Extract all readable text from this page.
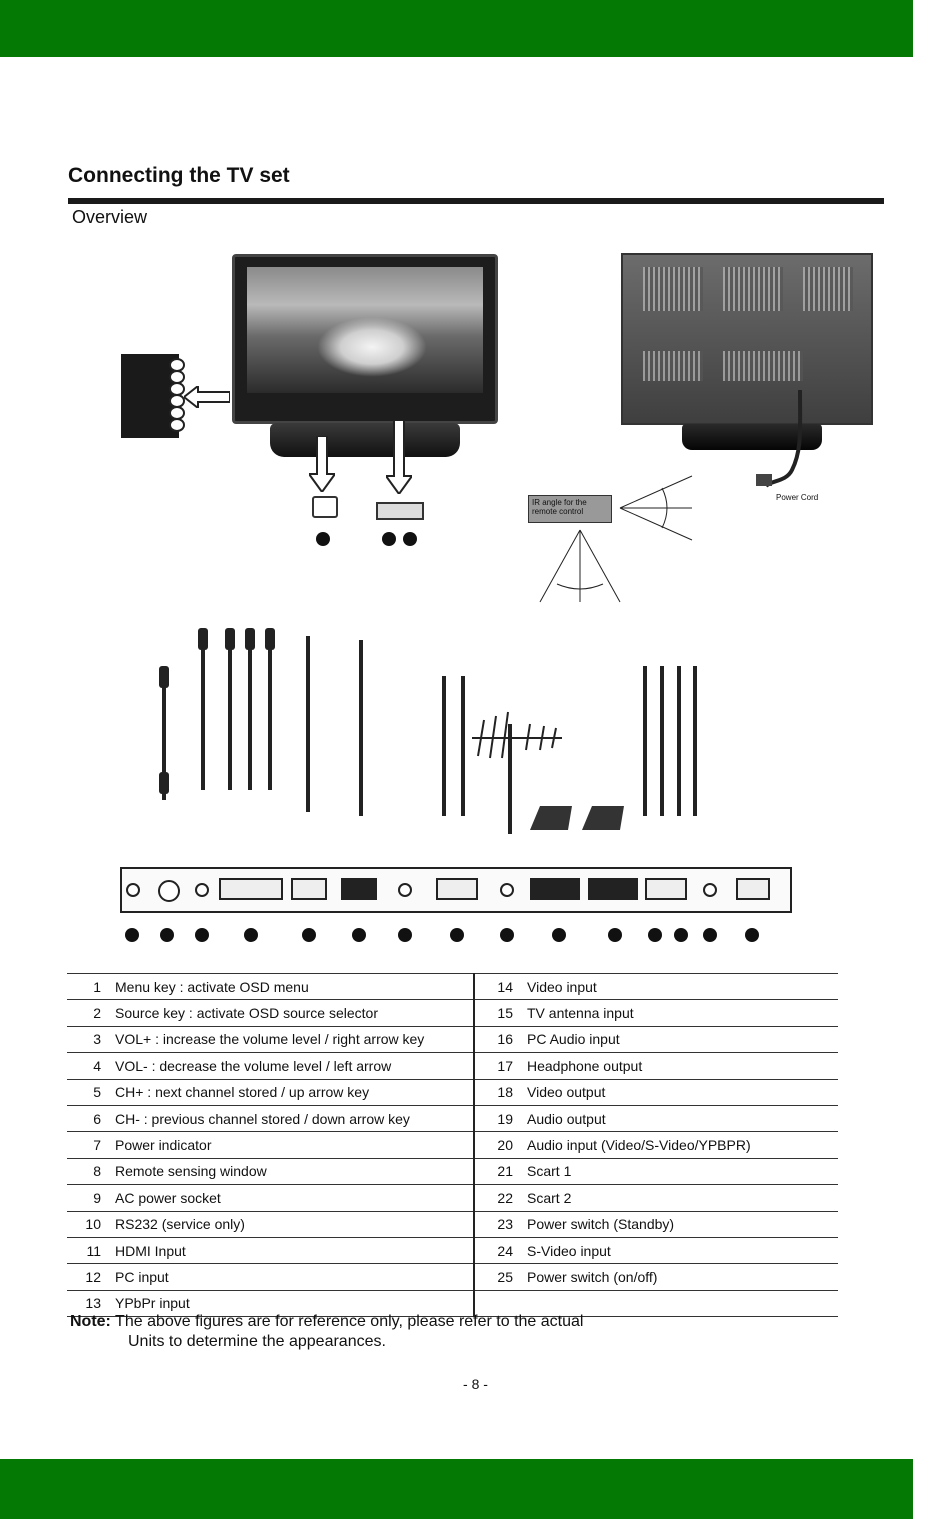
Connecting the TV set
Overview
Power Cord
IR angle for the remote control
1	Menu key : activate OSD menu	14	Video input
2	Source key : activate OSD source selector	15	TV antenna input
3	VOL+ : increase the volume level / right arrow key	16	PC Audio input
4	VOL- : decrease the volume level / left arrow	17	Headphone output
5	CH+ : next channel stored / up arrow key	18	Video output
6	CH- : previous channel stored / down arrow key	19	Audio output
7	Power indicator	20	Audio input (Video/S-Video/YPBPR)
8	Remote sensing window	21	Scart 1
9	AC power socket	22	Scart 2
10	RS232 (service only)	23	Power switch (Standby)
11	HDMI Input	24	S-Video input
12	PC input	25	Power switch (on/off)
13	YPbPr input		
Note: The above figures are for reference only, please refer to the actual
Units to determine the appearances.
- 8 -
